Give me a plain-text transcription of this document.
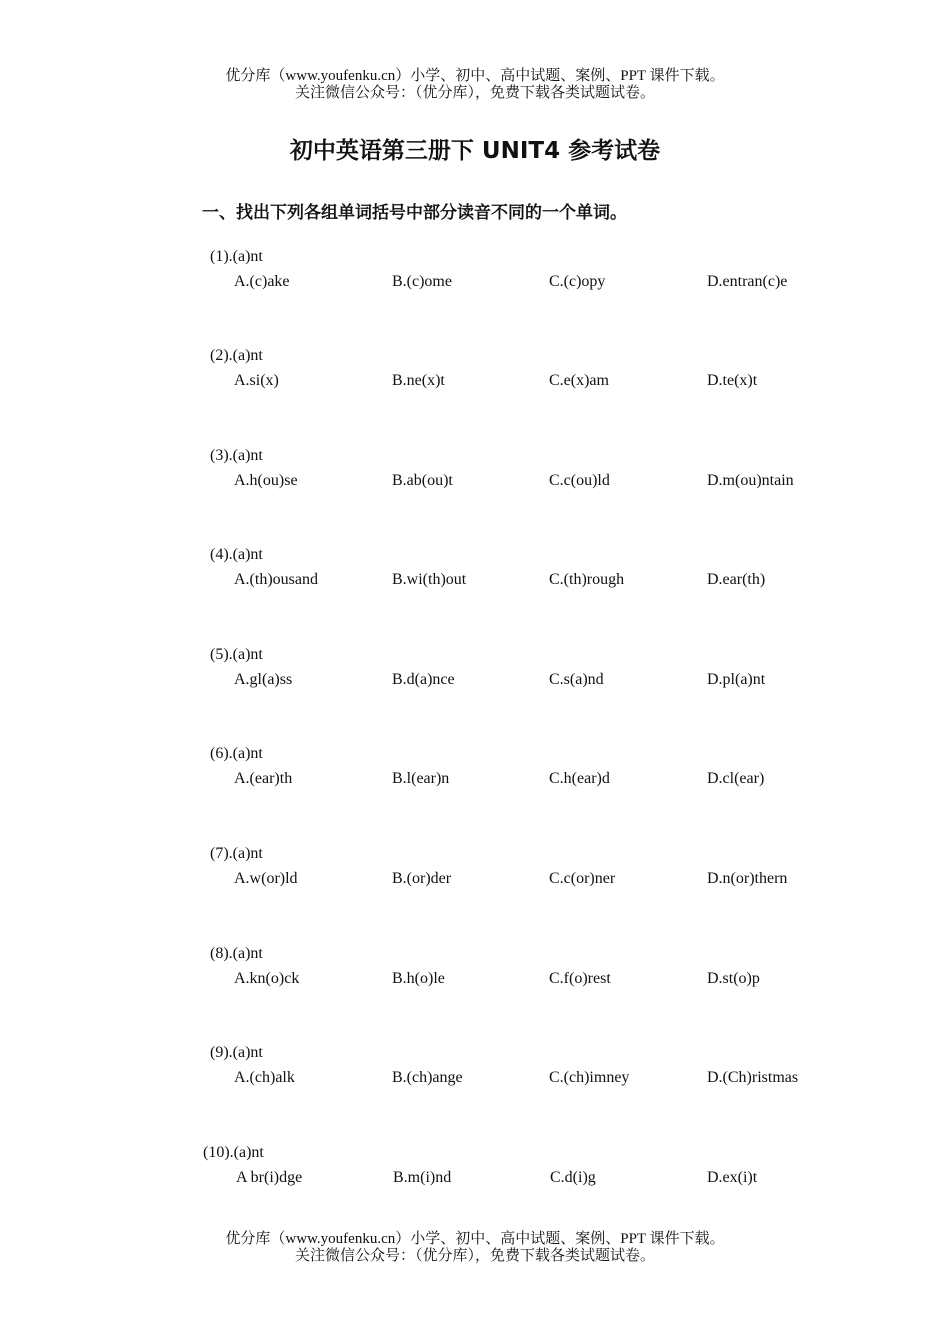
优分库（www.youfenku.cn）小学、初中、高中试题、案例、PPT 课件下载。
关注微信公众号：（优分库），免费下载各类试题试卷。
初中英语第三册下 UNIT4 参考试卷
一、找出下列各组单词括号中部分读音不同的一个单词。
(1).(a)nt
A.(c)ake	B.(c)ome	C.(c)opy	D.entran(c)e
(2).(a)nt
A.si(x)	B.ne(x)t	C.e(x)am	D.te(x)t
(3).(a)nt
A.h(ou)se	B.ab(ou)t	C.c(ou)ld	D.m(ou)ntain
(4).(a)nt
A.(th)ousand	B.wi(th)out	C.(th)rough	D.ear(th)
(5).(a)nt
A.gl(a)ss	B.d(a)nce	C.s(a)nd	D.pl(a)nt
(6).(a)nt
A.(ear)th	B.l(ear)n	C.h(ear)d	D.cl(ear)
(7).(a)nt
A.w(or)ld	B.(or)der	C.c(or)ner	D.n(or)thern
(8).(a)nt
A.kn(o)ck	B.h(o)le	C.f(o)rest	D.st(o)p
(9).(a)nt
A.(ch)alk	B.(ch)ange	C.(ch)imney	D.(Ch)ristmas
(10).(a)nt
A br(i)dge	B.m(i)nd	C.d(i)g	D.ex(i)t
优分库（www.youfenku.cn）小学、初中、高中试题、案例、PPT 课件下载。
关注微信公众号：（优分库），免费下载各类试题试卷。
